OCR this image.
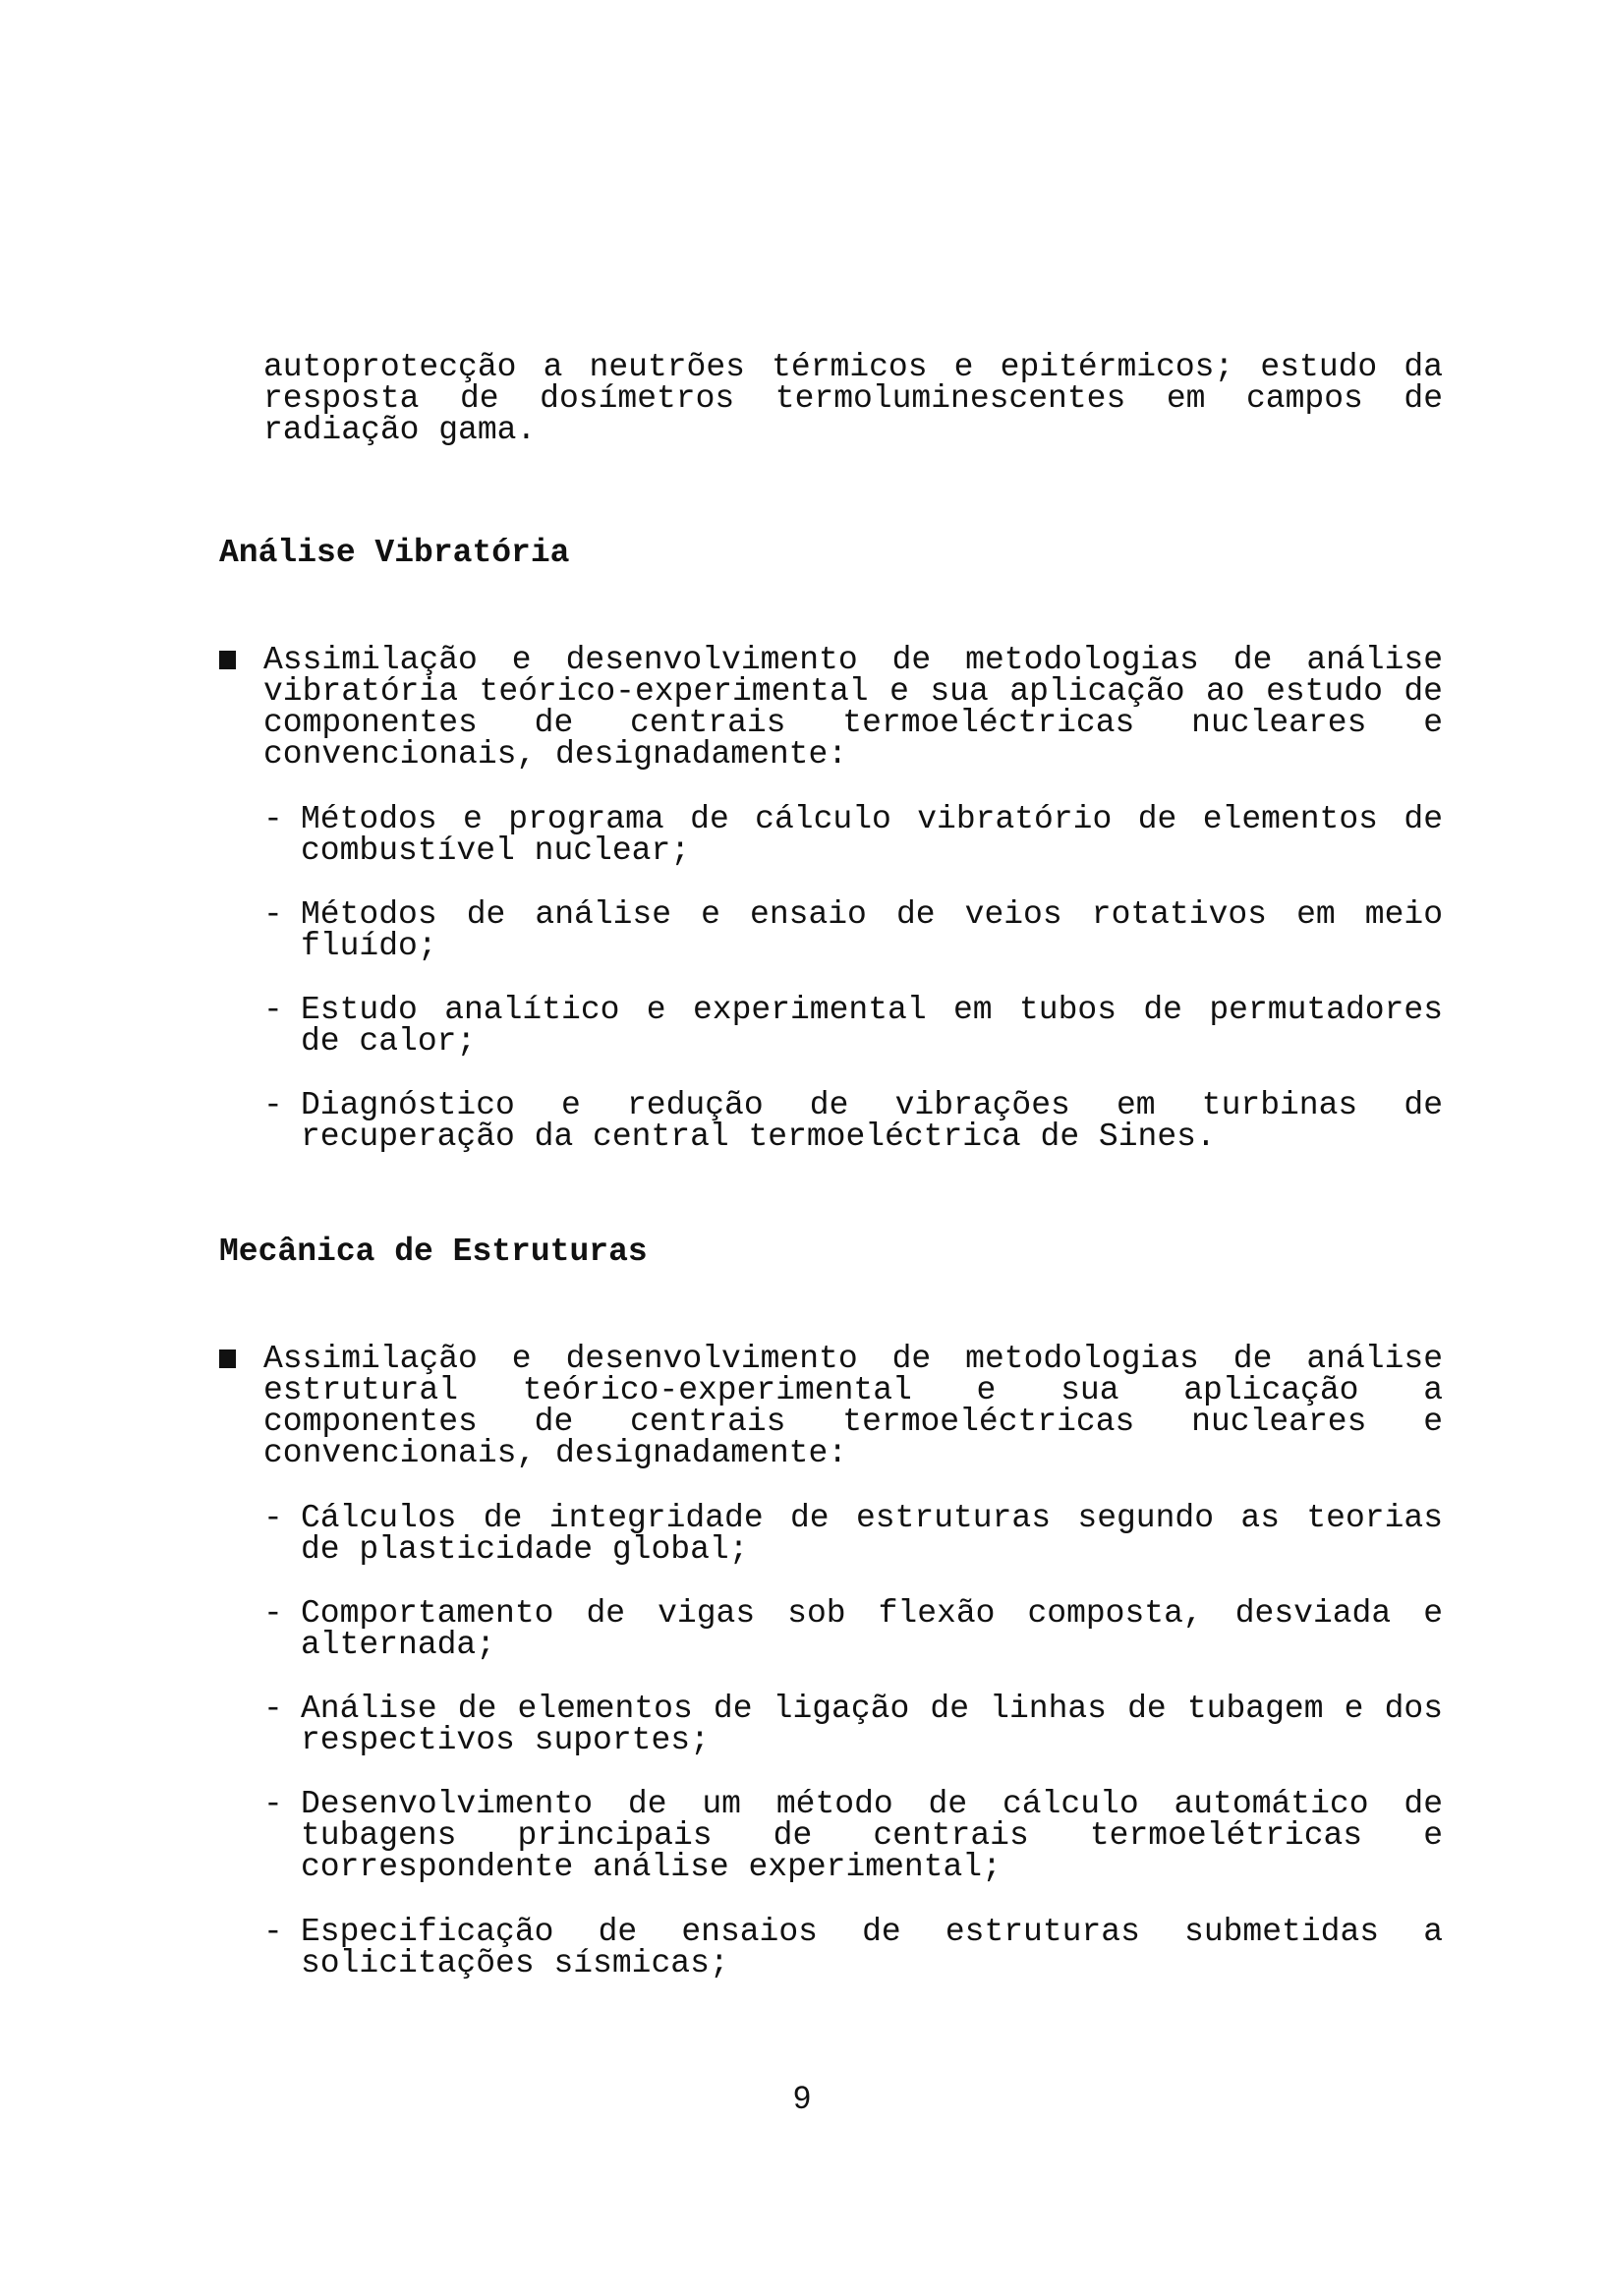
autoprotecção a neutrões térmicos e epitérmicos; estudo da resposta de dosímetros termoluminescentes em campos de radiação gama.

Análise Vibratória
Assimilação e desenvolvimento de metodologias de análise vibratória teórico-experimental e sua aplicação ao estudo de componentes de centrais termoeléctricas nucleares e convencionais, designadamente:
- Métodos e programa de cálculo vibratório de elementos de combustível nuclear;
- Métodos de análise e ensaio de veios rotativos em meio fluído;
- Estudo analítico e experimental em tubos de permutadores de calor;
- Diagnóstico e redução de vibrações em turbinas de recuperação da central termoeléctrica de Sines.
Mecânica de Estruturas
Assimilação e desenvolvimento de metodologias de análise estrutural teórico-experimental e sua aplicação a componentes de centrais termoeléctricas nucleares e convencionais, designadamente:
- Cálculos de integridade de estruturas segundo as teorias de plasticidade global;
- Comportamento de vigas sob flexão composta, desviada e alternada;
- Análise de elementos de ligação de linhas de tubagem e dos respectivos suportes;
- Desenvolvimento de um método de cálculo automático de tubagens principais de centrais termoelétricas e correspondente análise experimental;
- Especificação de ensaios de estruturas submetidas a solicitações sísmicas;
9
